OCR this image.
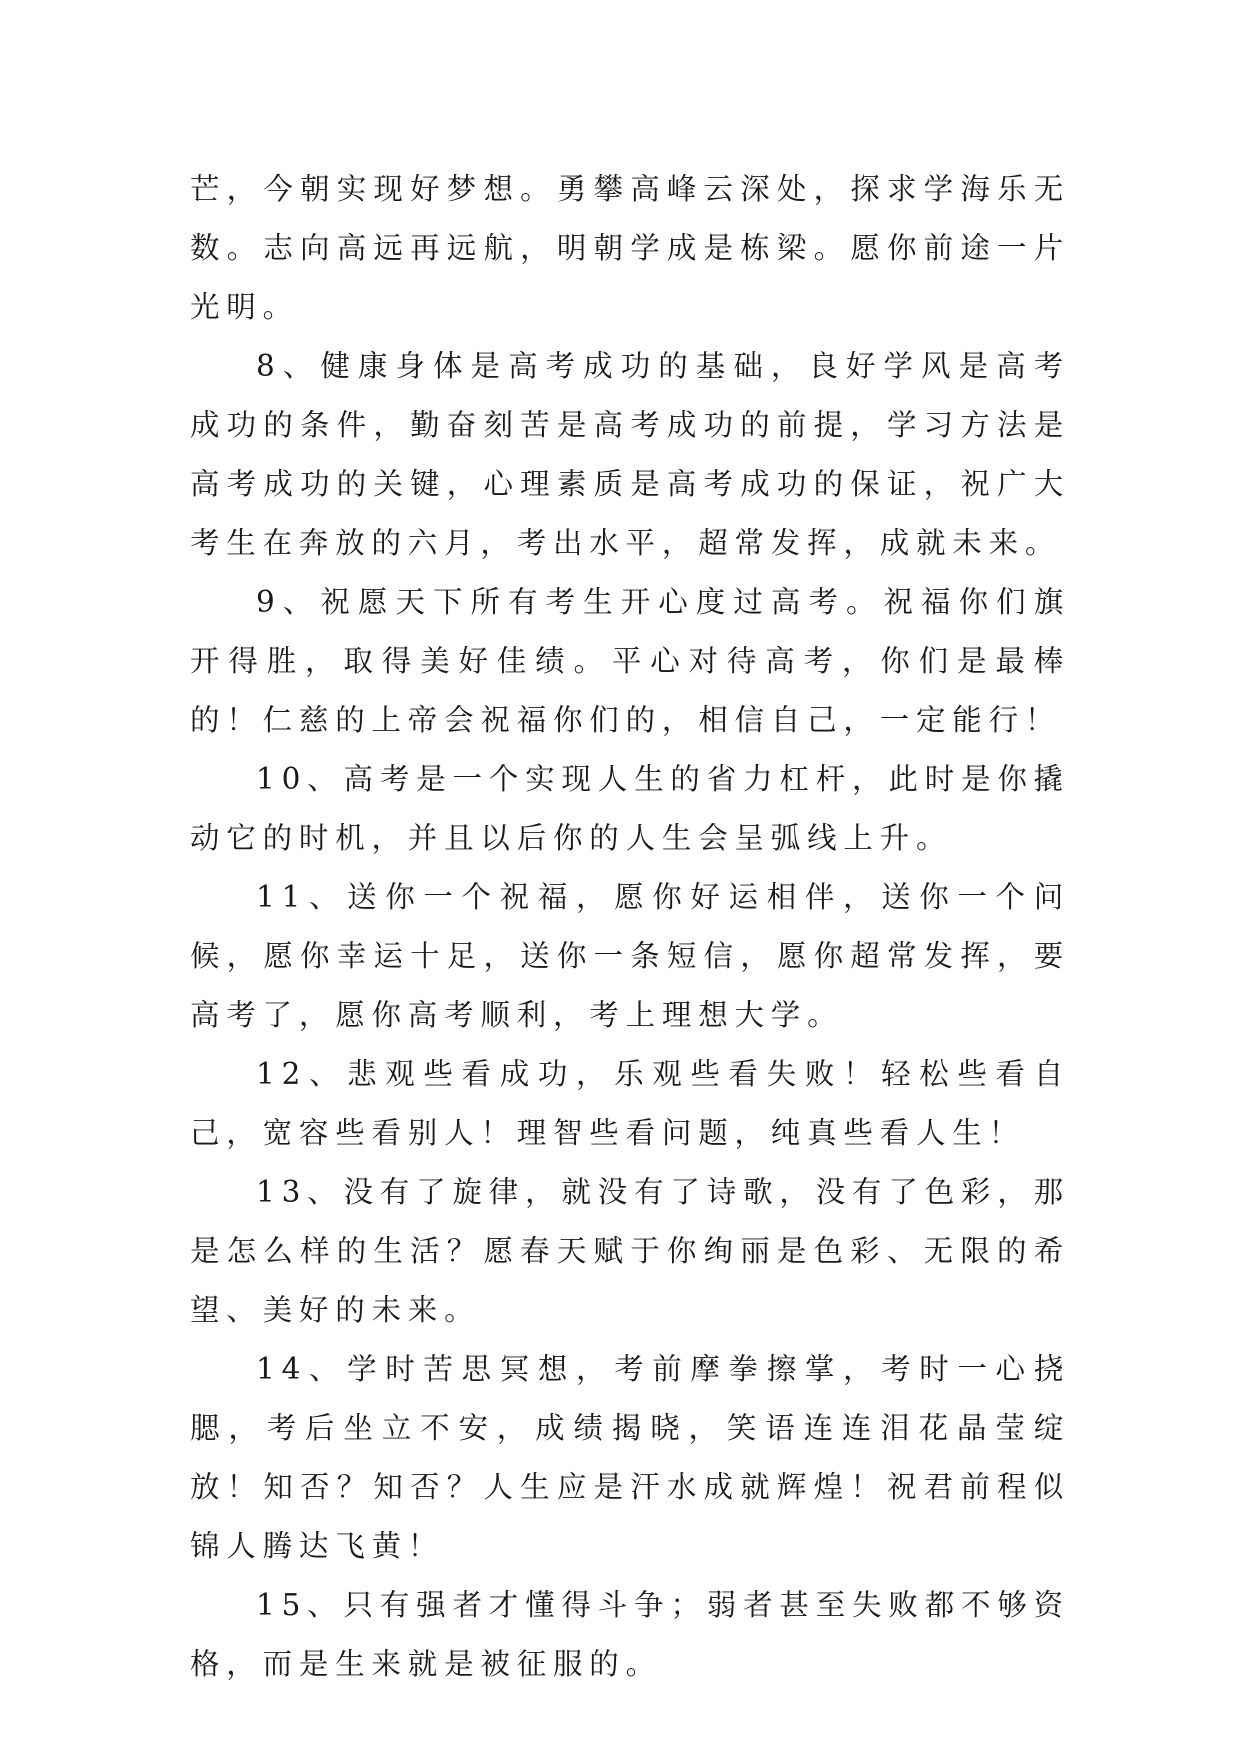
芒，今朝实现好梦想。勇攀高峰云深处，探求学海乐无数。志向高远再远航，明朝学成是栋梁。愿你前途一片光明。

8、健康身体是高考成功的基础，良好学风是高考成功的条件，勤奋刻苦是高考成功的前提，学习方法是高考成功的关键，心理素质是高考成功的保证，祝广大考生在奔放的六月，考出水平，超常发挥，成就未来。

9、祝愿天下所有考生开心度过高考。祝福你们旗开得胜，取得美好佳绩。平心对待高考，你们是最棒的！仁慈的上帝会祝福你们的，相信自己，一定能行！

10、高考是一个实现人生的省力杠杆，此时是你撬动它的时机，并且以后你的人生会呈弧线上升。

11、送你一个祝福，愿你好运相伴，送你一个问候，愿你幸运十足，送你一条短信，愿你超常发挥，要高考了，愿你高考顺利，考上理想大学。

12、悲观些看成功，乐观些看失败！轻松些看自己，宽容些看别人！理智些看问题，纯真些看人生！

13、没有了旋律，就没有了诗歌，没有了色彩，那是怎么样的生活？愿春天赋于你绚丽是色彩、无限的希望、美好的未来。

14、学时苦思冥想，考前摩拳擦掌，考时一心挠腮，考后坐立不安，成绩揭晓，笑语连连泪花晶莹绽放！知否？知否？人生应是汗水成就辉煌！祝君前程似锦人腾达飞黄！

15、只有强者才懂得斗争；弱者甚至失败都不够资格，而是生来就是被征服的。
